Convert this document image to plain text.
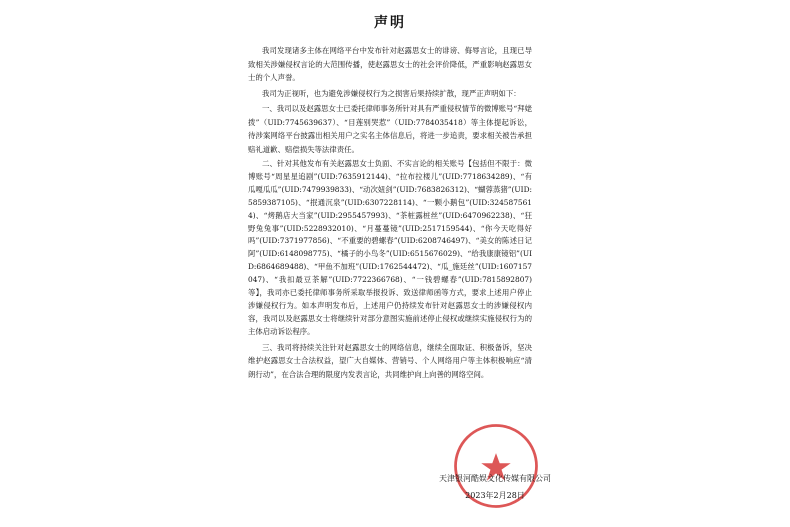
声明

我司发现诸多主体在网络平台中发布针对赵露思女士的诽谤、侮辱言论，且现已导致相关涉嫌侵权言论的大范围传播，使赵露思女士的社会评价降低，严重影响赵露思女士的个人声誉。

我司为正视听，也为避免涉嫌侵权行为之损害后果持续扩散，现严正声明如下：

一、我司以及赵露思女士已委托律师事务所针对具有严重侵权情节的微博账号“拜姥拨”（UID:7745639637）、“目莲别哭惹”（UID:7784035418）等主体提起诉讼，待涉案网络平台披露出相关用户之实名主体信息后，将进一步追责，要求相关被告承担赔礼道歉、赔偿损失等法律责任。

二、针对其他发布有关赵露思女士负面、不实言论的相关账号【包括但不限于：微博账号“周星星追剧”(UID:7635912144)、“拉布拉楼儿”(UID:7718634289)、“有瓜嘎瓜瓜”(UID:7479939833)、“动次妞剑”(UID:7683826312)、“蝴蓉蒸猪”(UID:5859387105)、“抿通沉泉”(UID:6307228114)、“一颗小鹅包”(UID:3245875614)、“烤鹅店大当家”(UID:2955457993)、“茶桩露桩丝”(UID:6470962238)、“狂野兔兔事”(UID:5228932010)、“月蔓蔓镜”(UID:2517159544)、“你今天吃得好吗”(UID:7371977856)、“不重要的碧螺春”(UID:6208746497)、“美女的陈述日记阿”(UID:6148098775)、“橘子的小鸟冬”(UID:6515676029)、“给我康康镜铝”(UID:6864689488)、“甲鱼不加班”(UID:1762544472)、“瓜_施廷丝”(UID:1607157047)、“我扣最豆茶解”(UID:7722366768)、“一钱碧螺春”(UID:7815892807)等】，我司亦已委托律师事务所采取举报投诉、致送律师函等方式，要求上述用户停止涉嫌侵权行为。如本声明发布后，上述用户仍持续发布针对赵露思女士的涉嫌侵权内容，我司以及赵露思女士将继续针对部分意图实施前述停止侵权或继续实施侵权行为的主体启动诉讼程序。

三、我司将持续关注针对赵露思女士的网络信息，继续全面取证、积极备诉，坚决维护赵露思女士合法权益，望广大自媒体、营销号、个人网络用户等主体积极响应“清朗行动”，在合法合理的限度内发表言论，共同维护向上向善的网络空间。

天津银河酷娱文化传媒有限公司
2023年2月28日
